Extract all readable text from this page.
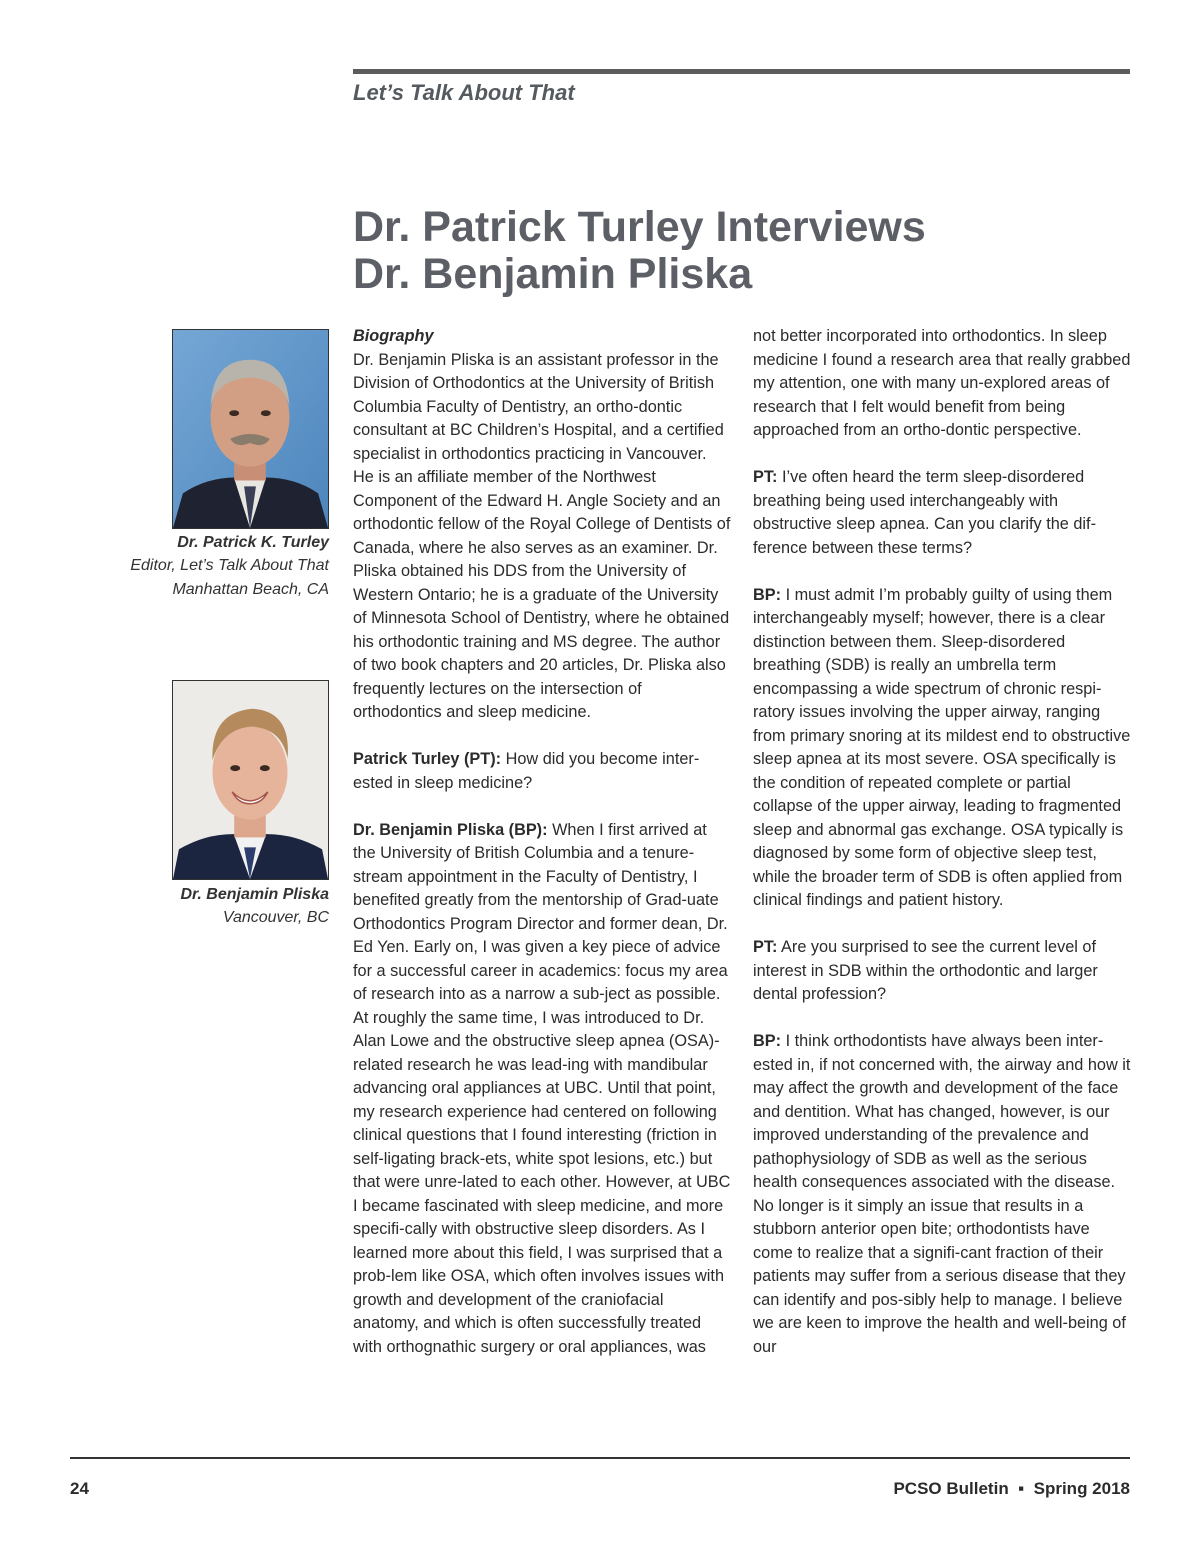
Let’s Talk About That
Dr. Patrick Turley Interviews
Dr. Benjamin Pliska
Dr. Patrick K. Turley
Editor, Let’s Talk About That
Manhattan Beach, CA
Dr. Benjamin Pliska
Vancouver, BC

Biography

Dr. Benjamin Pliska is an assistant professor in the Division of Orthodontics at the University of British Columbia Faculty of Dentistry, an ortho-dontic consultant at BC Children’s Hospital, and a certified specialist in orthodontics practicing in Vancouver. He is an affiliate member of the Northwest Component of the Edward H. Angle Society and an orthodontic fellow of the Royal College of Dentists of Canada, where he also serves as an examiner. Dr. Pliska obtained his DDS from the University of Western Ontario; he is a graduate of the University of Minnesota School of Dentistry, where he obtained his orthodontic training and MS degree. The author of two book chapters and 20 articles, Dr. Pliska also frequently lectures on the intersection of orthodontics and sleep medicine.

Patrick Turley (PT): How did you become inter-ested in sleep medicine?

Dr. Benjamin Pliska (BP): When I first arrived at the University of British Columbia and a tenure-stream appointment in the Faculty of Dentistry, I benefited greatly from the mentorship of Grad-uate Orthodontics Program Director and former dean, Dr. Ed Yen. Early on, I was given a key piece of advice for a successful career in academics: focus my area of research into as a narrow a sub-ject as possible. At roughly the same time, I was introduced to Dr. Alan Lowe and the obstructive sleep apnea (OSA)-related research he was lead-ing with mandibular advancing oral appliances at UBC. Until that point, my research experience had centered on following clinical questions that I found interesting (friction in self-ligating brack-ets, white spot lesions, etc.) but that were unre-lated to each other. However, at UBC I became fascinated with sleep medicine, and more specifi-cally with obstructive sleep disorders. As I learned more about this field, I was surprised that a prob-lem like OSA, which often involves issues with growth and development of the craniofacial anatomy, and which is often successfully treated with orthognathic surgery or oral appliances, was

not better incorporated into orthodontics. In sleep medicine I found a research area that really grabbed my attention, one with many un-explored areas of research that I felt would benefit from being approached from an ortho-dontic perspective.

PT: I’ve often heard the term sleep-disordered breathing being used interchangeably with obstructive sleep apnea. Can you clarify the dif-ference between these terms?

BP: I must admit I’m probably guilty of using them interchangeably myself; however, there is a clear distinction between them. Sleep-disordered breathing (SDB) is really an umbrella term encompassing a wide spectrum of chronic respi-ratory issues involving the upper airway, ranging from primary snoring at its mildest end to obstructive sleep apnea at its most severe. OSA specifically is the condition of repeated complete or partial collapse of the upper airway, leading to fragmented sleep and abnormal gas exchange. OSA typically is diagnosed by some form of objective sleep test, while the broader term of SDB is often applied from clinical findings and patient history.

PT: Are you surprised to see the current level of interest in SDB within the orthodontic and larger dental profession?

BP: I think orthodontists have always been inter-ested in, if not concerned with, the airway and how it may affect the growth and development of the face and dentition. What has changed, however, is our improved understanding of the prevalence and pathophysiology of SDB as well as the serious health consequences associated with the disease. No longer is it simply an issue that results in a stubborn anterior open bite; orthodontists have come to realize that a signifi-cant fraction of their patients may suffer from a serious disease that they can identify and pos-sibly help to manage. I believe we are keen to improve the health and well-being of our

24	PCSO Bulletin  ▪  Spring 2018
